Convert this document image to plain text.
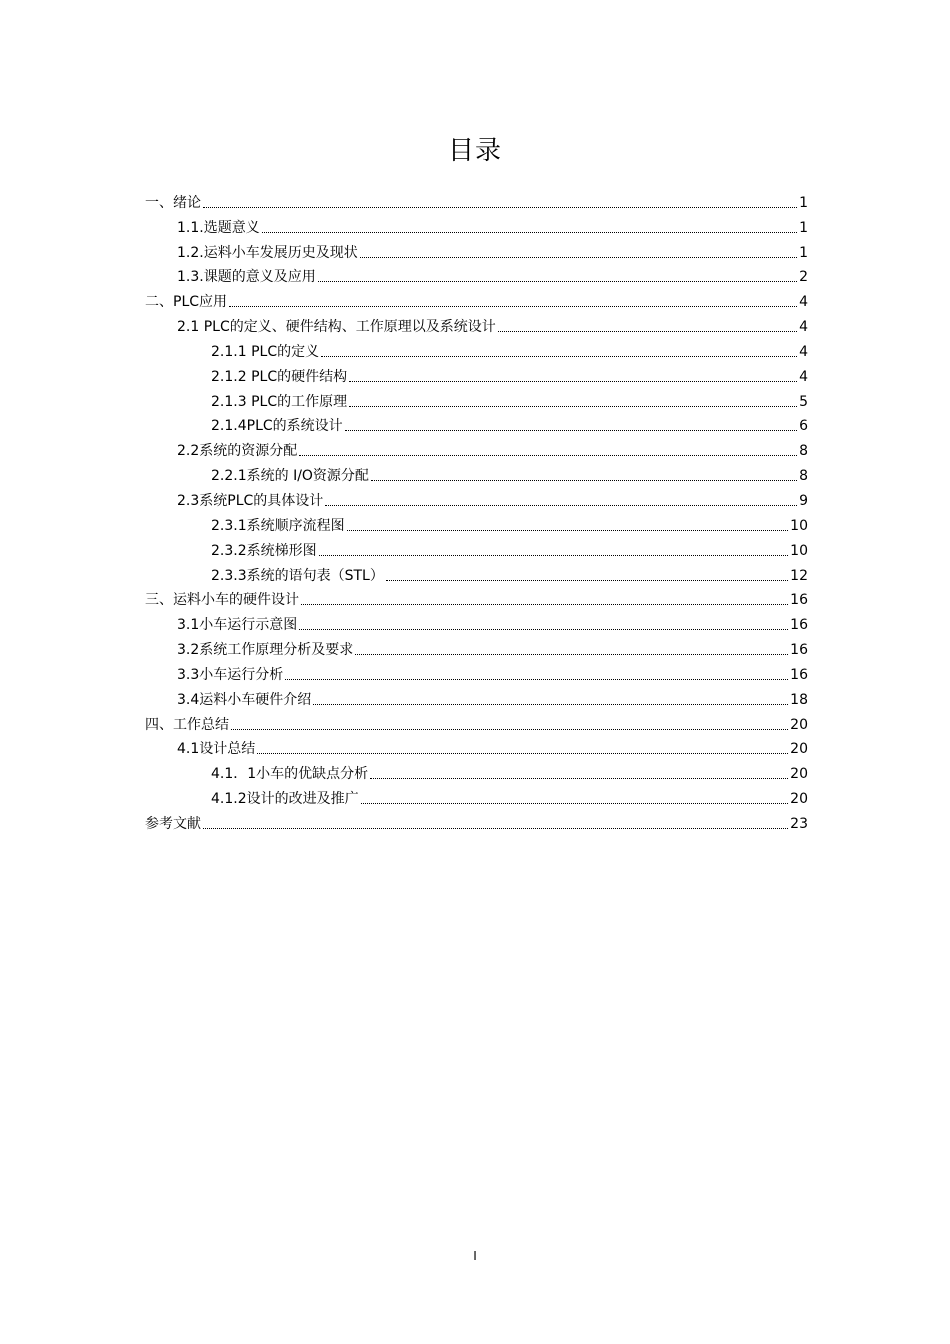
目录
一、绪论	1
1.1.选题意义	1
1.2.运料小车发展历史及现状	1
1.3.课题的意义及应用	2
二、PLC应用	4
2.1 PLC的定义、硬件结构、工作原理以及系统设计	4
2.1.1 PLC的定义	4
2.1.2 PLC的硬件结构	4
2.1.3 PLC的工作原理	5
2.1.4PLC的系统设计	6
2.2系统的资源分配	8
2.2.1系统的 I/O资源分配	8
2.3系统PLC的具体设计	9
2.3.1系统顺序流程图	10
2.3.2系统梯形图	10
2.3.3系统的语句表（STL）	12
三、运料小车的硬件设计	16
3.1小车运行示意图	16
3.2系统工作原理分析及要求	16
3.3小车运行分析	16
3.4运料小车硬件介绍	18
四、工作总结	20
4.1设计总结	20
4.1．1小车的优缺点分析	20
4.1.2设计的改进及推广	20
参考文献	23
I
